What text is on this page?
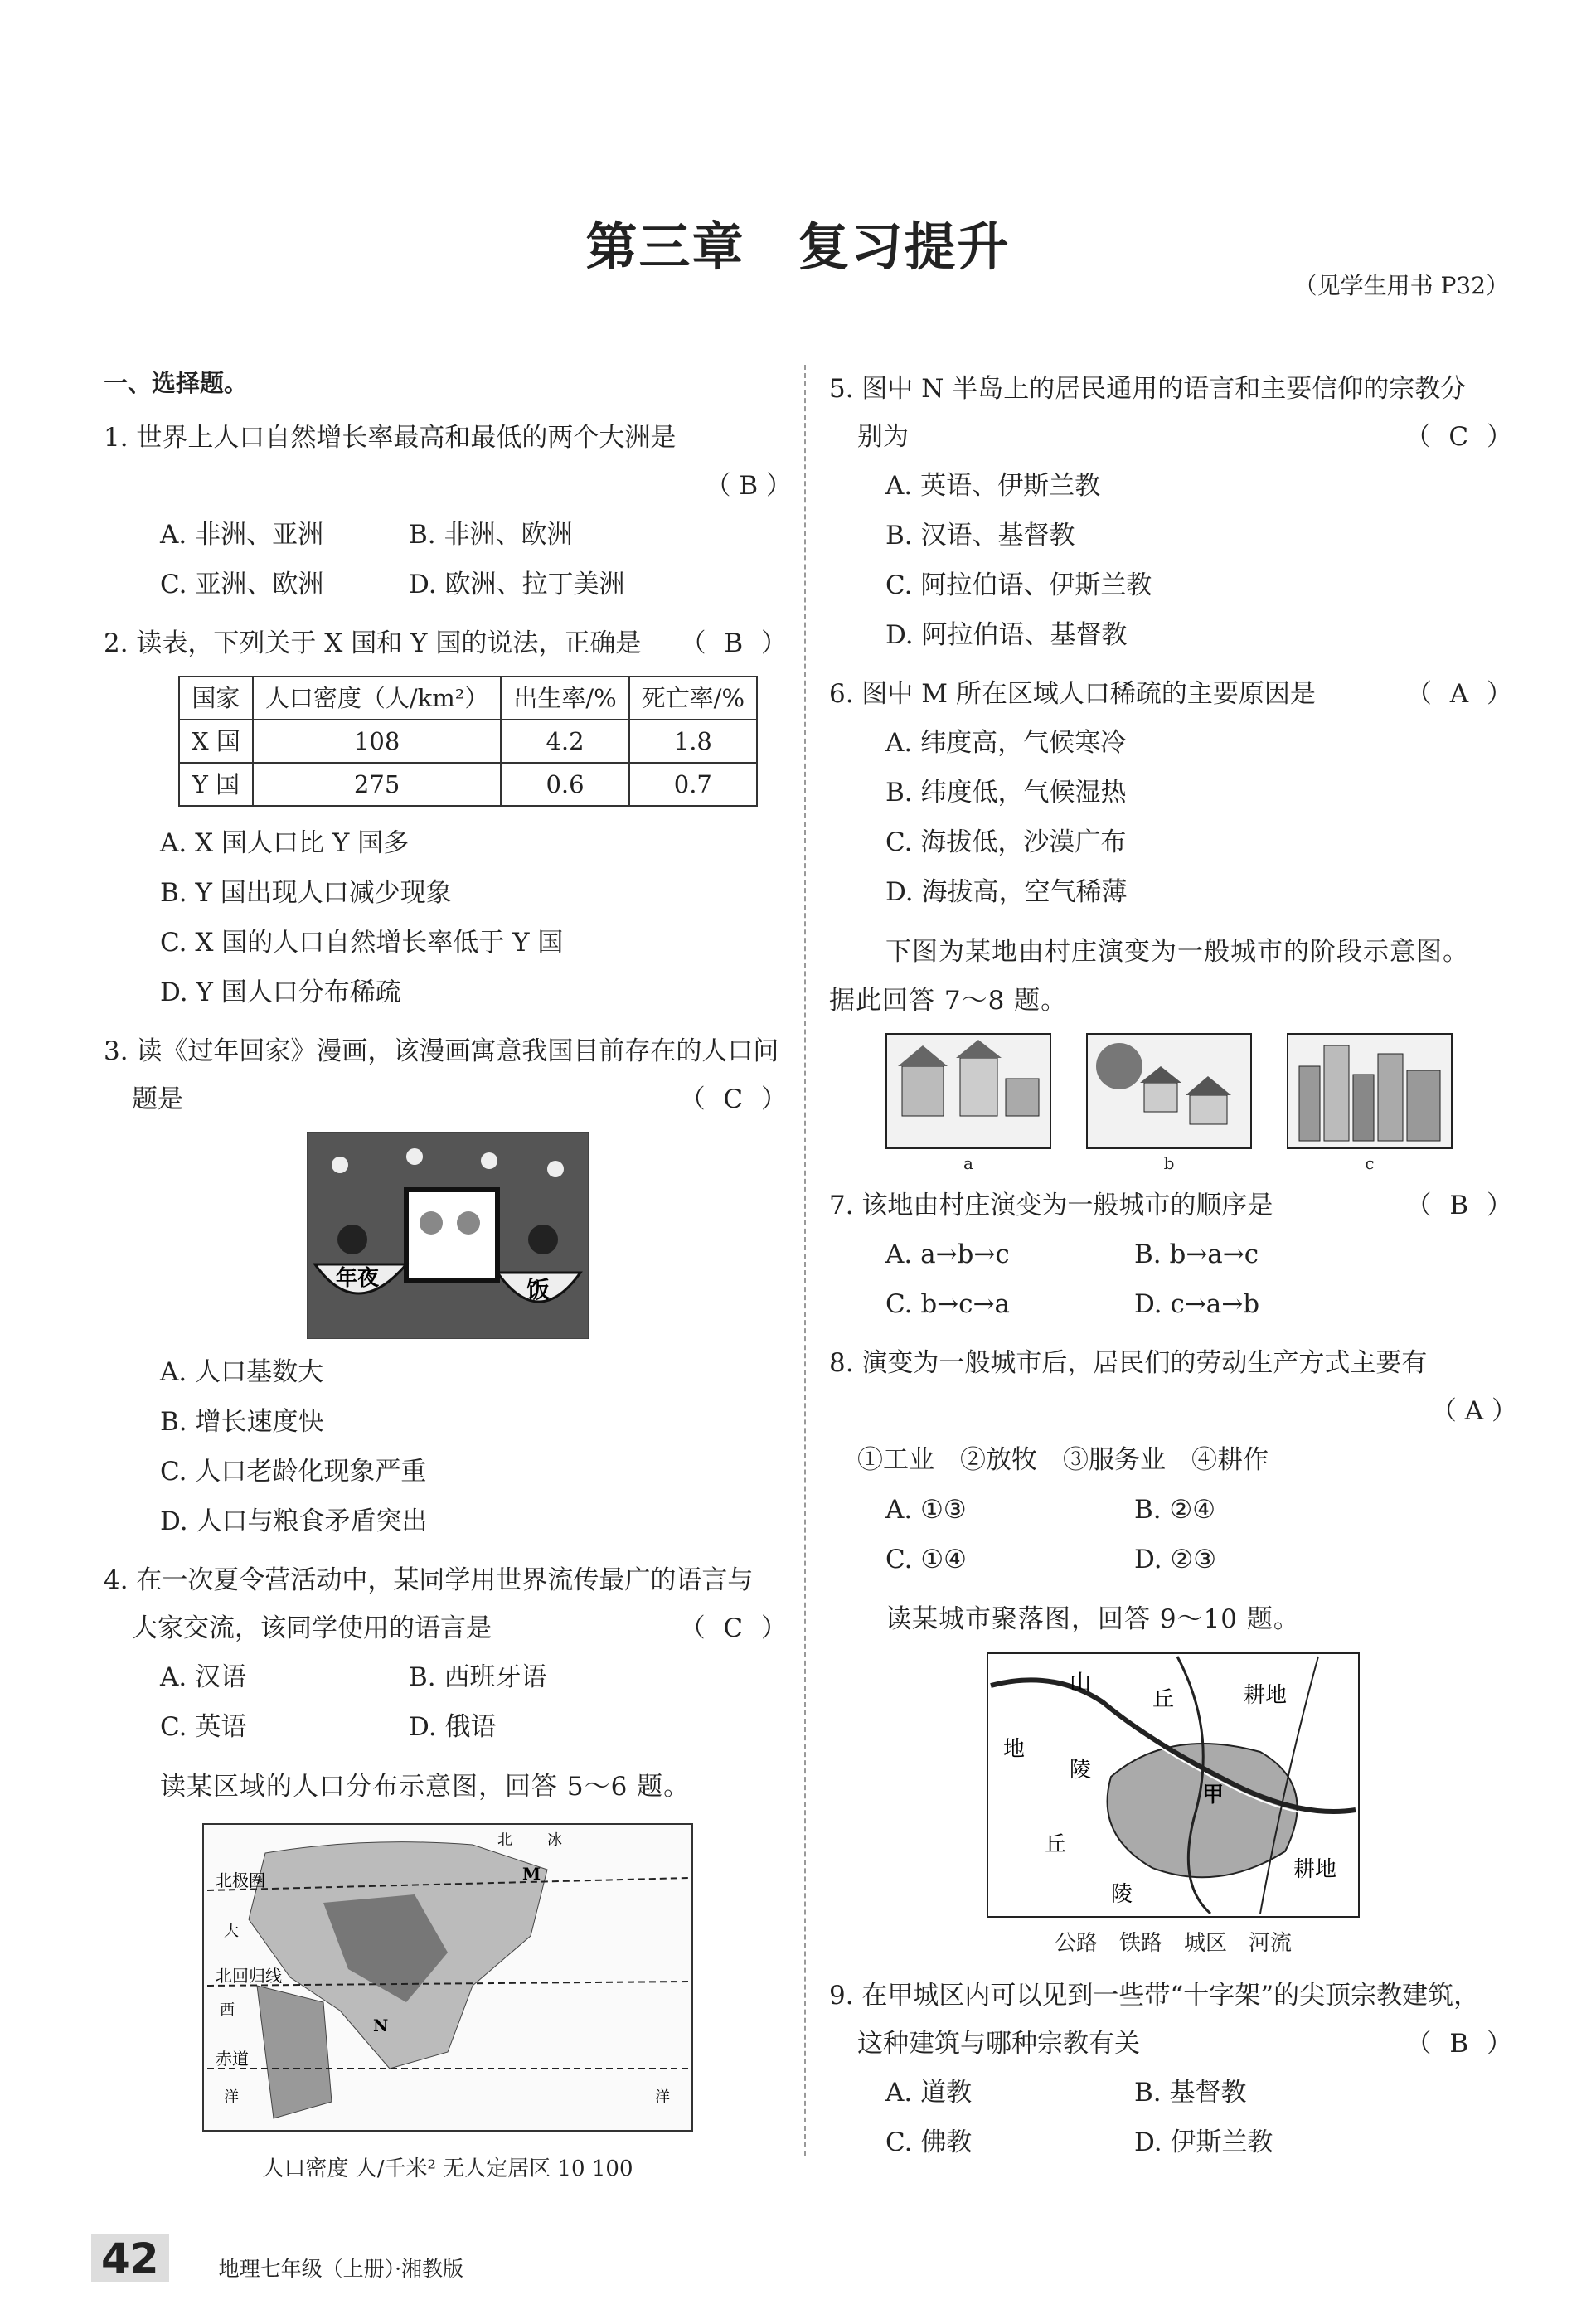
第三章　复习提升
（见学生用书 P32）
一、选择题。
1. 世界上人口自然增长率最高和最低的两个大洲是
（ B ）
A. 非洲、亚洲	B. 非洲、欧洲
C. 亚洲、欧洲	D. 欧洲、拉丁美洲
2. 读表，下列关于 X 国和 Y 国的说法，正确是	（ B ）
国家	人口密度（人/km²）	出生率/%	死亡率/%
X 国	108	4.2	1.8
Y 国	275	0.6	0.7
A. X 国人口比 Y 国多
B. Y 国出现人口减少现象
C. X 国的人口自然增长率低于 Y 国
D. Y 国人口分布稀疏
3. 读《过年回家》漫画，该漫画寓意我国目前存在的人口问
题是	（ C ）
年夜	饭
A. 人口基数大
B. 增长速度快
C. 人口老龄化现象严重
D. 人口与粮食矛盾突出
4. 在一次夏令营活动中，某同学用世界流传最广的语言与
大家交流，该同学使用的语言是	（ C ）
A. 汉语	B. 西班牙语
C. 英语	D. 俄语
读某区域的人口分布示意图，回答 5～6 题。
北极圈
北回归线
赤道
M
N
北 冰
大
洋
西
洋
人口密度 人/千米² 无人定居区 10 100
5. 图中 N 半岛上的居民通用的语言和主要信仰的宗教分
别为	（ C ）
A. 英语、伊斯兰教
B. 汉语、基督教
C. 阿拉伯语、伊斯兰教
D. 阿拉伯语、基督教
6. 图中 M 所在区域人口稀疏的主要原因是	（ A ）
A. 纬度高，气候寒冷
B. 纬度低，气候湿热
C. 海拔低，沙漠广布
D. 海拔高，空气稀薄
下图为某地由村庄演变为一般城市的阶段示意图。
据此回答 7～8 题。
a	b	c
7. 该地由村庄演变为一般城市的顺序是	（ B ）
A. a→b→c	B. b→a→c
C. b→c→a	D. c→a→b
8. 演变为一般城市后，居民们的劳动生产方式主要有
（ A ）
①工业　②放牧　③服务业　④耕作
A. ①③	B. ②④
C. ①④	D. ②③
读某城市聚落图，回答 9～10 题。
山
丘	耕地
地
陵
甲
丘
陵
耕地
公路　铁路　城区　河流
9. 在甲城区内可以见到一些带“十字架”的尖顶宗教建筑，
这种建筑与哪种宗教有关	（ B ）
A. 道教	B. 基督教
C. 佛教	D. 伊斯兰教
42	地理七年级（上册）·湘教版
